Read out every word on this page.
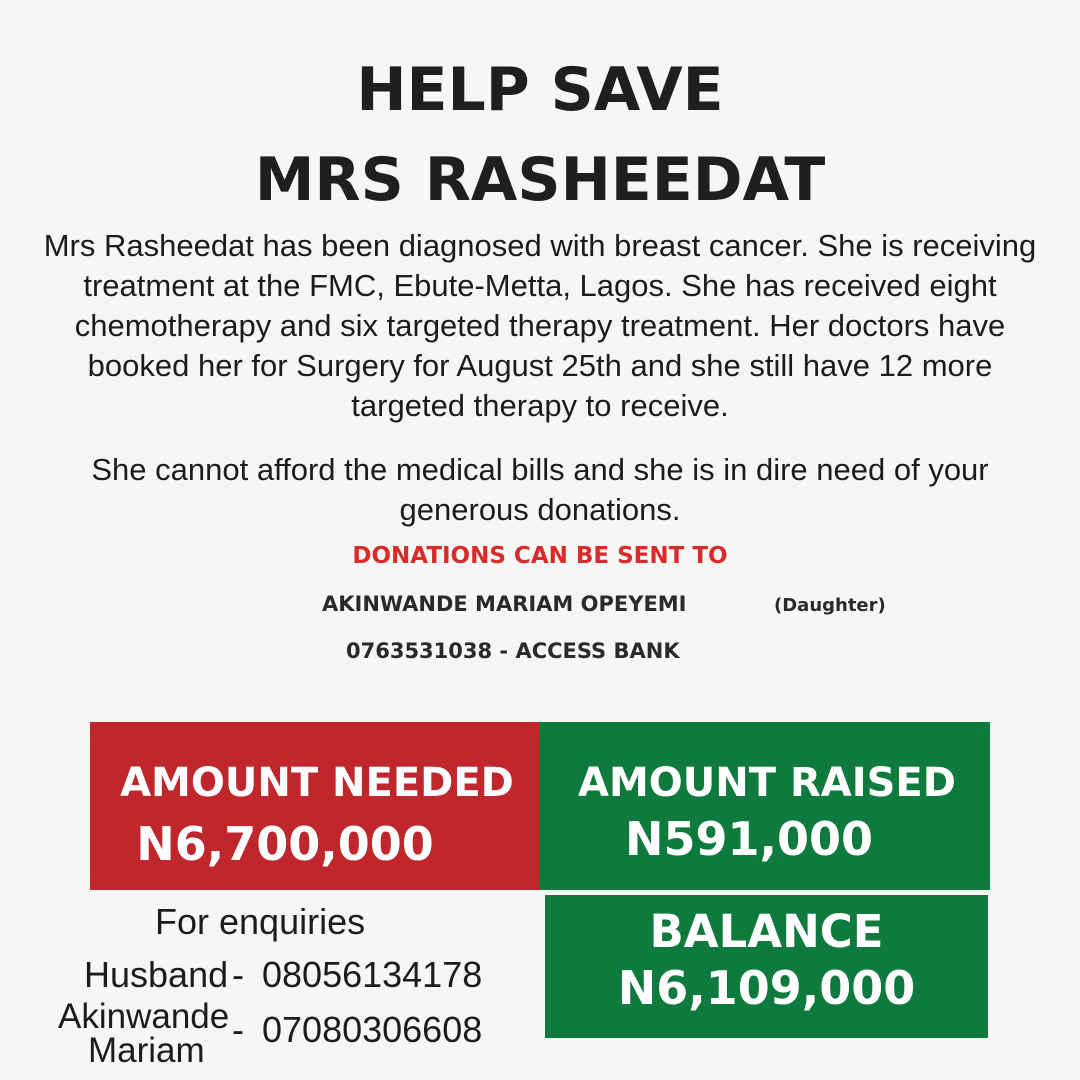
HELP SAVE
MRS RASHEEDAT
Mrs Rasheedat has been diagnosed with breast cancer. She is receiving treatment at the FMC, Ebute-Metta, Lagos. She has received eight chemotherapy and six targeted therapy treatment. Her doctors have booked her for Surgery for August 25th and she still have 12 more targeted therapy to receive.
She cannot afford the medical bills and she is in dire need of your generous donations.
DONATIONS CAN BE SENT TO
AKINWANDE MARIAM OPEYEMI	(Daughter)
0763531038 - ACCESS BANK
AMOUNT NEEDED
N6,700,000
AMOUNT RAISED
N591,000
BALANCE
N6,109,000
For enquiries
Husband - 08056134178
Akinwande
Mariam
- 07080306608
